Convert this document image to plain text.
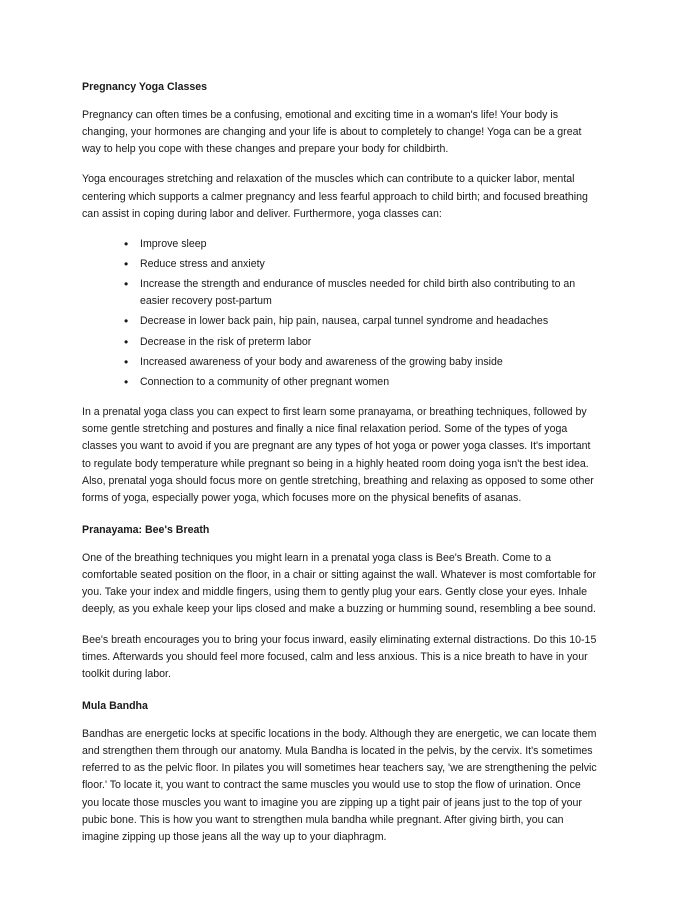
Pregnancy Yoga Classes

Pregnancy can often times be a confusing, emotional and exciting time in a woman's life! Your body is changing, your hormones are changing and your life is about to completely to change! Yoga can be a great way to help you cope with these changes and prepare your body for childbirth.

Yoga encourages stretching and relaxation of the muscles which can contribute to a quicker labor, mental centering which supports a calmer pregnancy and less fearful approach to child birth; and focused breathing can assist in coping during labor and deliver. Furthermore, yoga classes can:

• Improve sleep
• Reduce stress and anxiety
• Increase the strength and endurance of muscles needed for child birth also contributing to an easier recovery post-partum
• Decrease in lower back pain, hip pain, nausea, carpal tunnel syndrome and headaches
• Decrease in the risk of preterm labor
• Increased awareness of your body and awareness of the growing baby inside
• Connection to a community of other pregnant women

In a prenatal yoga class you can expect to first learn some pranayama, or breathing techniques, followed by some gentle stretching and postures and finally a nice final relaxation period. Some of the types of yoga classes you want to avoid if you are pregnant are any types of hot yoga or power yoga classes. It's important to regulate body temperature while pregnant so being in a highly heated room doing yoga isn't the best idea. Also, prenatal yoga should focus more on gentle stretching, breathing and relaxing as opposed to some other forms of yoga, especially power yoga, which focuses more on the physical benefits of asanas.

Pranayama: Bee's Breath

One of the breathing techniques you might learn in a prenatal yoga class is Bee's Breath. Come to a comfortable seated position on the floor, in a chair or sitting against the wall. Whatever is most comfortable for you. Take your index and middle fingers, using them to gently plug your ears. Gently close your eyes. Inhale deeply, as you exhale keep your lips closed and make a buzzing or humming sound, resembling a bee sound.

Bee's breath encourages you to bring your focus inward, easily eliminating external distractions. Do this 10-15 times. Afterwards you should feel more focused, calm and less anxious. This is a nice breath to have in your toolkit during labor.

Mula Bandha

Bandhas are energetic locks at specific locations in the body. Although they are energetic, we can locate them and strengthen them through our anatomy. Mula Bandha is located in the pelvis, by the cervix. It's sometimes referred to as the pelvic floor. In pilates you will sometimes hear teachers say, 'we are strengthening the pelvic floor.' To locate it, you want to contract the same muscles you would use to stop the flow of urination. Once you locate those muscles you want to imagine you are zipping up a tight pair of jeans just to the top of your pubic bone. This is how you want to strengthen mula bandha while pregnant. After giving birth, you can imagine zipping up those jeans all the way up to your diaphragm.
